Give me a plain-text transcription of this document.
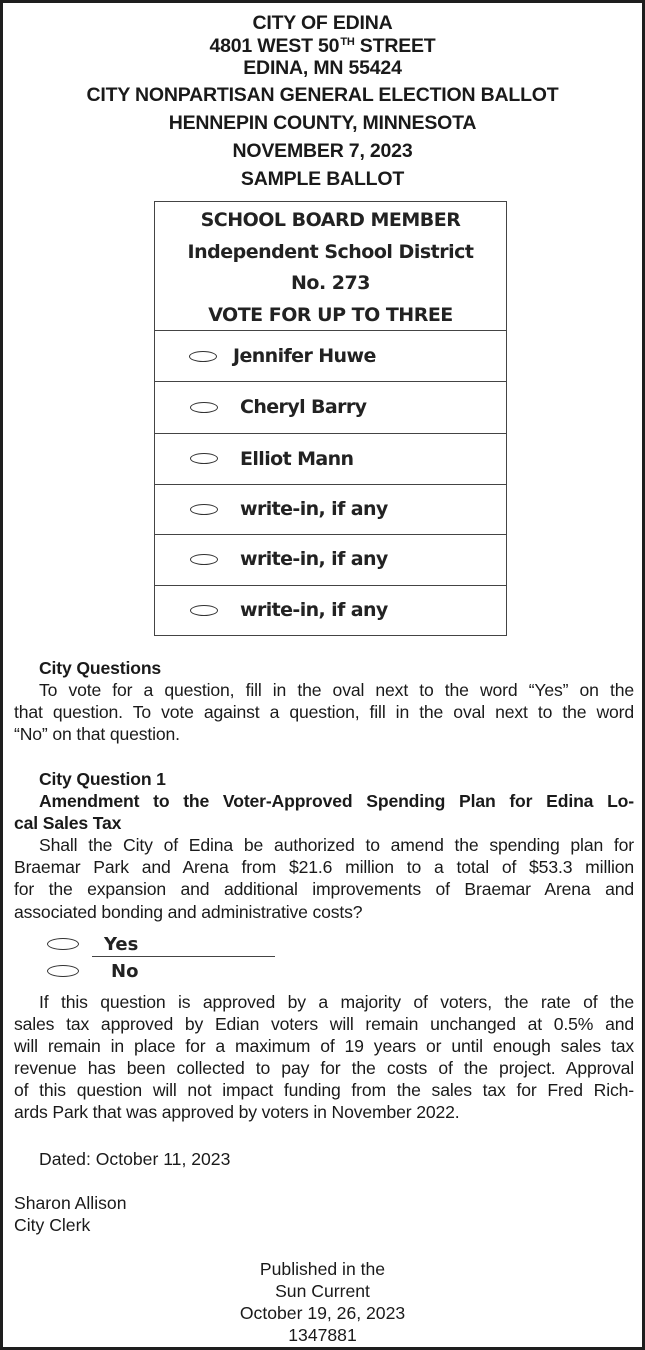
CITY OF EDINA
4801 WEST 50TH STREET
EDINA, MN 55424
CITY NONPARTISAN GENERAL ELECTION BALLOT
HENNEPIN COUNTY, MINNESOTA
NOVEMBER 7, 2023
SAMPLE BALLOT
SCHOOL BOARD MEMBER
Independent School District
No. 273
VOTE FOR UP TO THREE
Jennifer Huwe
Cheryl Barry
Elliot Mann
write-in, if any
write-in, if any
write-in, if any
City Questions
To vote for a question, fill in the oval next to the word “Yes” on the
that question. To vote against a question, fill in the oval next to the word
“No” on that question.
City Question 1
Amendment to the Voter-Approved Spending Plan for Edina Lo-
cal Sales Tax
Shall the City of Edina be authorized to amend the spending plan for
Braemar Park and Arena from $21.6 million to a total of $53.3 million
for the expansion and additional improvements of Braemar Arena and
associated bonding and administrative costs?
Yes
No
If this question is approved by a majority of voters, the rate of the
sales tax approved by Edian voters will remain unchanged at 0.5% and
will remain in place for a maximum of 19 years or until enough sales tax
revenue has been collected to pay for the costs of the project. Approval
of this question will not impact funding from the sales tax for Fred Rich-
ards Park that was approved by voters in November 2022.
Dated: October 11, 2023
Sharon Allison
City Clerk
Published in the
Sun Current
October 19, 26, 2023
1347881
